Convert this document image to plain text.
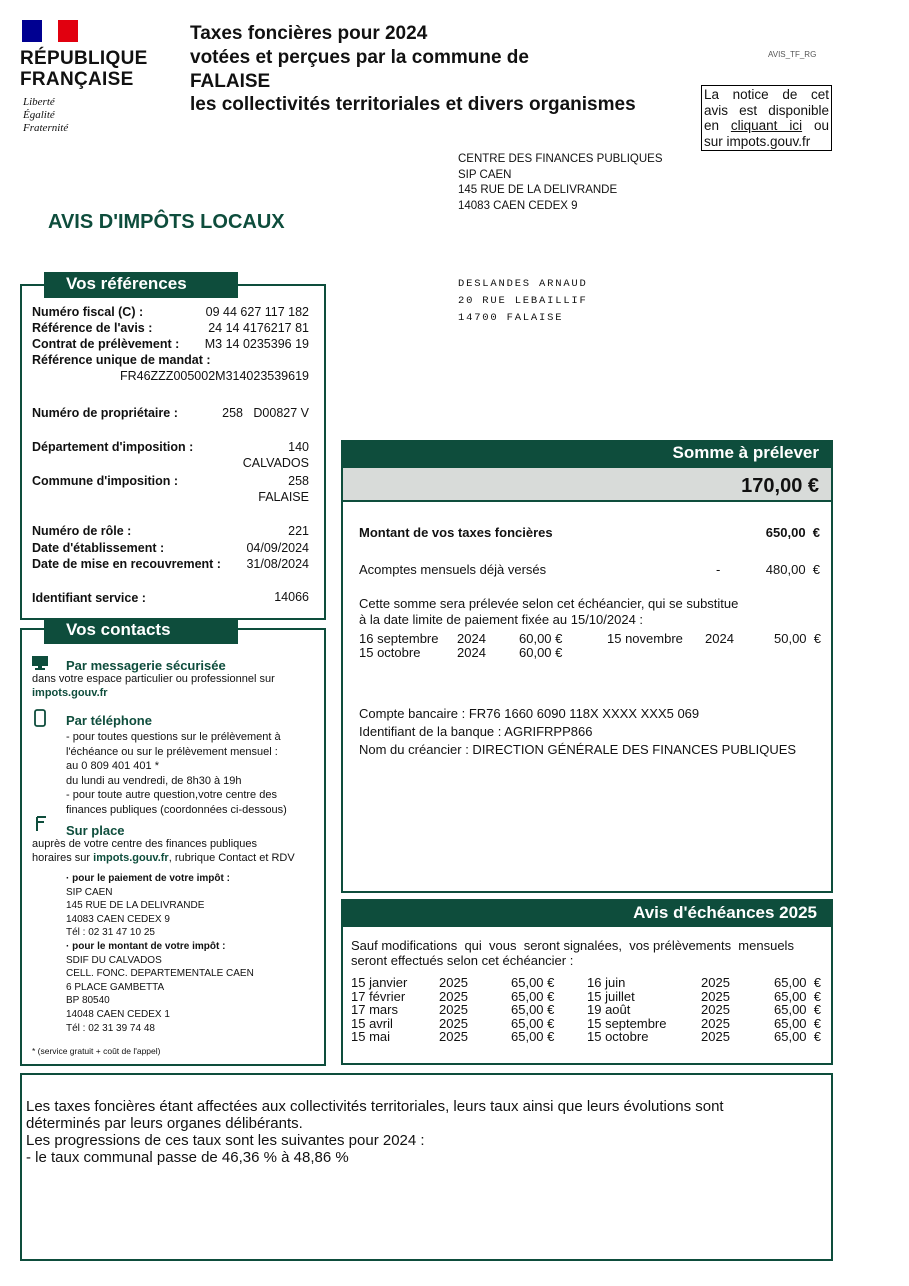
RÉPUBLIQUE
FRANÇAISE
Liberté
Égalité
Fraternité
Taxes foncières pour 2024
votées et perçues par la commune de
FALAISE
les collectivités territoriales et divers organismes
AVIS_TF_RG
La notice de cet
avis est disponible
en cliquant ici ou
sur impots.gouv.fr
CENTRE DES FINANCES PUBLIQUES
SIP CAEN
145 RUE DE LA DELIVRANDE
14083 CAEN CEDEX 9
AVIS D'IMPÔTS LOCAUX
DESLANDES ARNAUD
20 RUE LEBAILLIF
14700 FALAISE
Vos références
Numéro fiscal (C) :	09 44 627 117 182
Référence de l'avis :	24 14 4176217 81
Contrat de prélèvement : M3 14 0235396 19
Référence unique de mandat :
FR46ZZZ005002M314023539619
Numéro de propriétaire :	258   D00827 V
Département d'imposition :	140
CALVADOS
Commune d'imposition :	258
FALAISE
Numéro de rôle :	221
Date d'établissement :	04/09/2024
Date de mise en recouvrement : 31/08/2024
Identifiant service :	14066
Vos contacts
Par messagerie sécurisée
dans votre espace particulier ou professionnel sur
impots.gouv.fr
Par téléphone
- pour toutes questions sur le prélèvement à
l'échéance ou sur le prélèvement mensuel :
au 0 809 401 401 *
du lundi au vendredi, de 8h30 à 19h
- pour toute autre question,votre centre des
finances publiques (coordonnées ci-dessous)
Sur place
auprès de votre centre des finances publiques
horaires sur impots.gouv.fr, rubrique Contact et RDV
· pour le paiement de votre impôt :
SIP CAEN
145 RUE DE LA DELIVRANDE
14083 CAEN CEDEX 9
Tél : 02 31 47 10 25
· pour le montant de votre impôt :
SDIF DU CALVADOS
CELL. FONC. DEPARTEMENTALE CAEN
6 PLACE GAMBETTA
BP 80540
14048 CAEN CEDEX 1
Tél : 02 31 39 74 48
* (service gratuit + coût de l'appel)
Somme à prélever
170,00 €
Montant de vos taxes foncières	650,00  €
Acomptes mensuels déjà versés	-	480,00  €
Cette somme sera prélevée selon cet échéancier, qui se substitue
à la date limite de paiement fixée au 15/10/2024 :
16 septembre	2024	60,00 €	15 novembre	2024	50,00  €
15 octobre	2024	60,00 €			
Compte bancaire : FR76 1660 6090 118X XXXX XXX5 069
Identifiant de la banque : AGRIFRPP866
Nom du créancier : DIRECTION GÉNÉRALE DES FINANCES PUBLIQUES
Avis d'échéances 2025
Sauf modifications  qui  vous  seront signalées,  vos prélèvements  mensuels
seront effectués selon cet échéancier :
15 janvier	2025	65,00 €	16 juin	2025	65,00  €
17 février	2025	65,00 €	15 juillet	2025	65,00  €
17 mars	2025	65,00 €	19 août	2025	65,00  €
15 avril	2025	65,00 €	15 septembre	2025	65,00  €
15 mai	2025	65,00 €	15 octobre	2025	65,00  €
Les taxes foncières étant affectées aux collectivités territoriales, leurs taux ainsi que leurs évolutions sont
déterminés par leurs organes délibérants.
Les progressions de ces taux sont les suivantes pour 2024 :
- le taux communal passe de 46,36 % à 48,86 %
